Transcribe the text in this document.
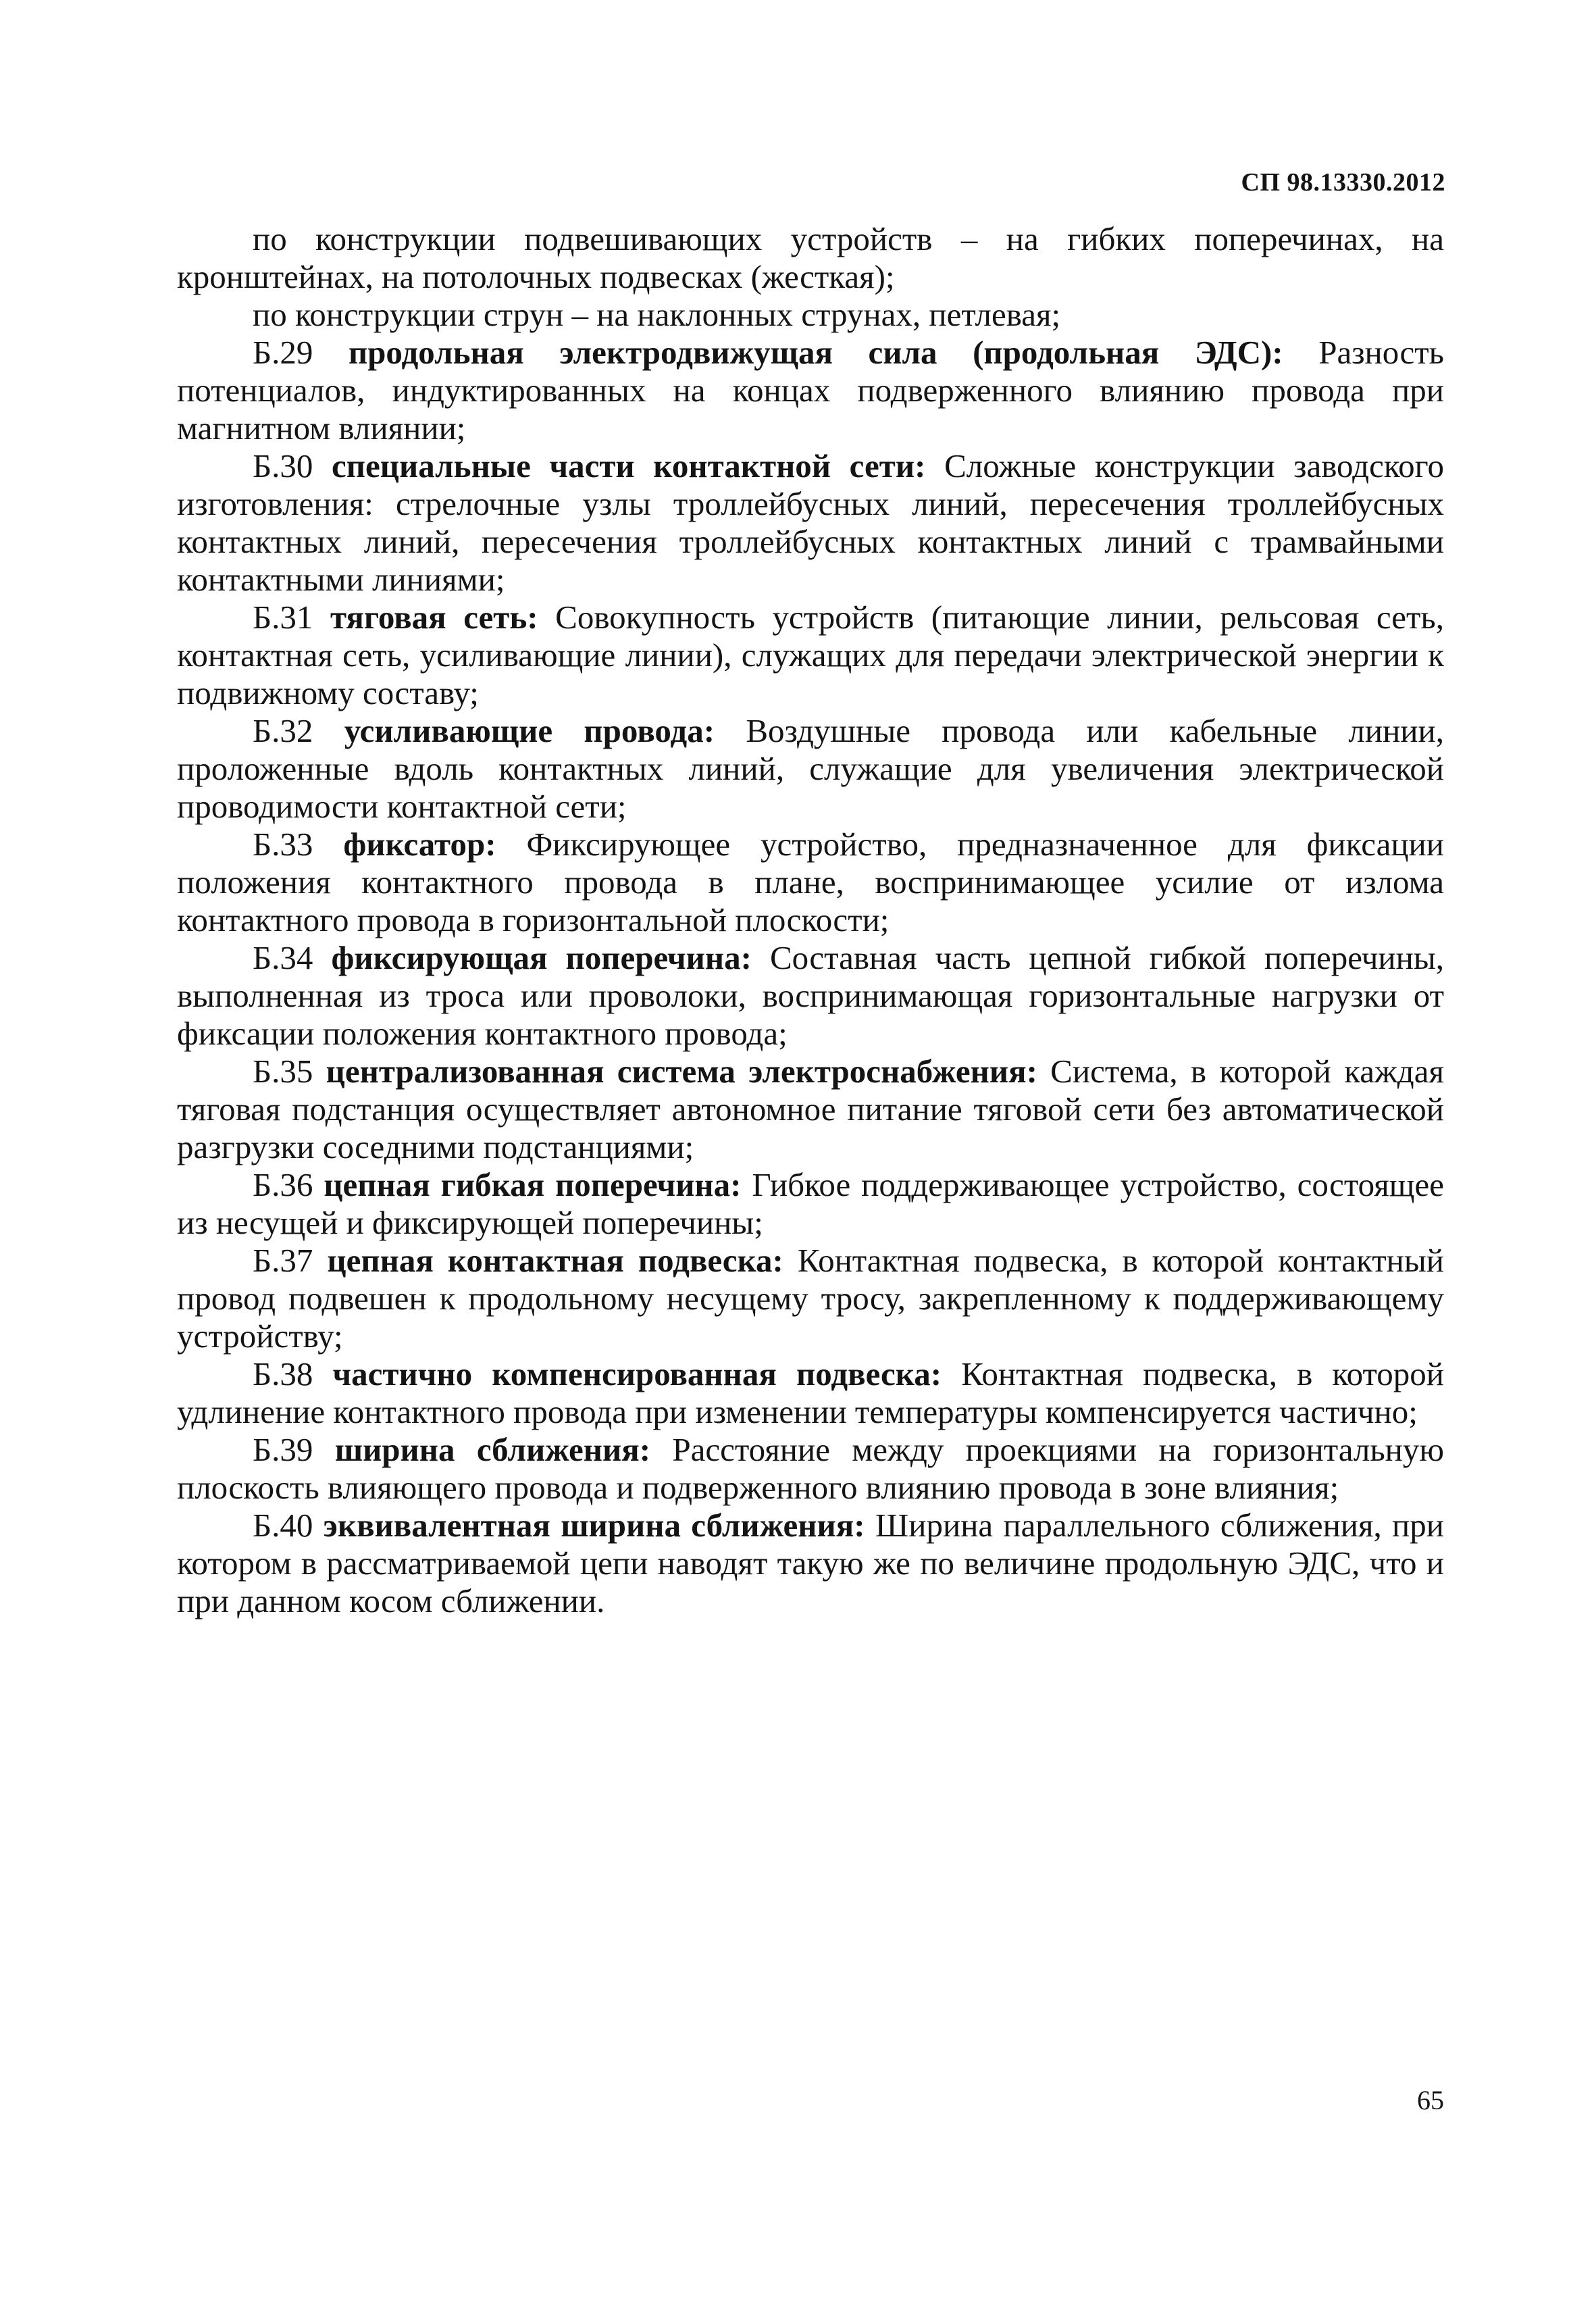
СП 98.13330.2012

по конструкции подвешивающих устройств – на гибких поперечинах, на кронштейнах, на потолочных подвесках (жесткая);

по конструкции струн – на наклонных струнах, петлевая;

Б.29 продольная электродвижущая сила (продольная ЭДС): Разность потенциалов, индуктированных на концах подверженного влиянию провода при магнитном влиянии;

Б.30 специальные части контактной сети: Сложные конструкции заводского изготовления: стрелочные узлы троллейбусных линий, пересечения троллейбусных контактных линий, пересечения троллейбусных контактных линий с трамвайными контактными линиями;

Б.31 тяговая сеть: Совокупность устройств (питающие линии, рельсовая сеть, контактная сеть, усиливающие линии), служащих для передачи электрической энергии к подвижному составу;

Б.32 усиливающие провода: Воздушные провода или кабельные линии, проложенные вдоль контактных линий, служащие для увеличения электрической проводимости контактной сети;

Б.33 фиксатор: Фиксирующее устройство, предназначенное для фиксации положения контактного провода в плане, воспринимающее усилие от излома контактного провода в горизонтальной плоскости;

Б.34 фиксирующая поперечина: Составная часть цепной гибкой поперечины, выполненная из троса или проволоки, воспринимающая горизонтальные нагрузки от фиксации положения контактного провода;

Б.35 централизованная система электроснабжения: Система, в которой каждая тяговая подстанция осуществляет автономное питание тяговой сети без автоматической разгрузки соседними подстанциями;

Б.36 цепная гибкая поперечина: Гибкое поддерживающее устройство, состоящее из несущей и фиксирующей поперечины;

Б.37 цепная контактная подвеска: Контактная подвеска, в которой контактный провод подвешен к продольному несущему тросу, закрепленному к поддерживающему устройству;

Б.38 частично компенсированная подвеска: Контактная подвеска, в которой удлинение контактного провода при изменении температуры компенсируется частично;

Б.39 ширина сближения: Расстояние между проекциями на горизонтальную плоскость влияющего провода и подверженного влиянию провода в зоне влияния;

Б.40 эквивалентная ширина сближения: Ширина параллельного сближения, при котором в рассматриваемой цепи наводят такую же по величине продольную ЭДС, что и при данном косом сближении.

65
